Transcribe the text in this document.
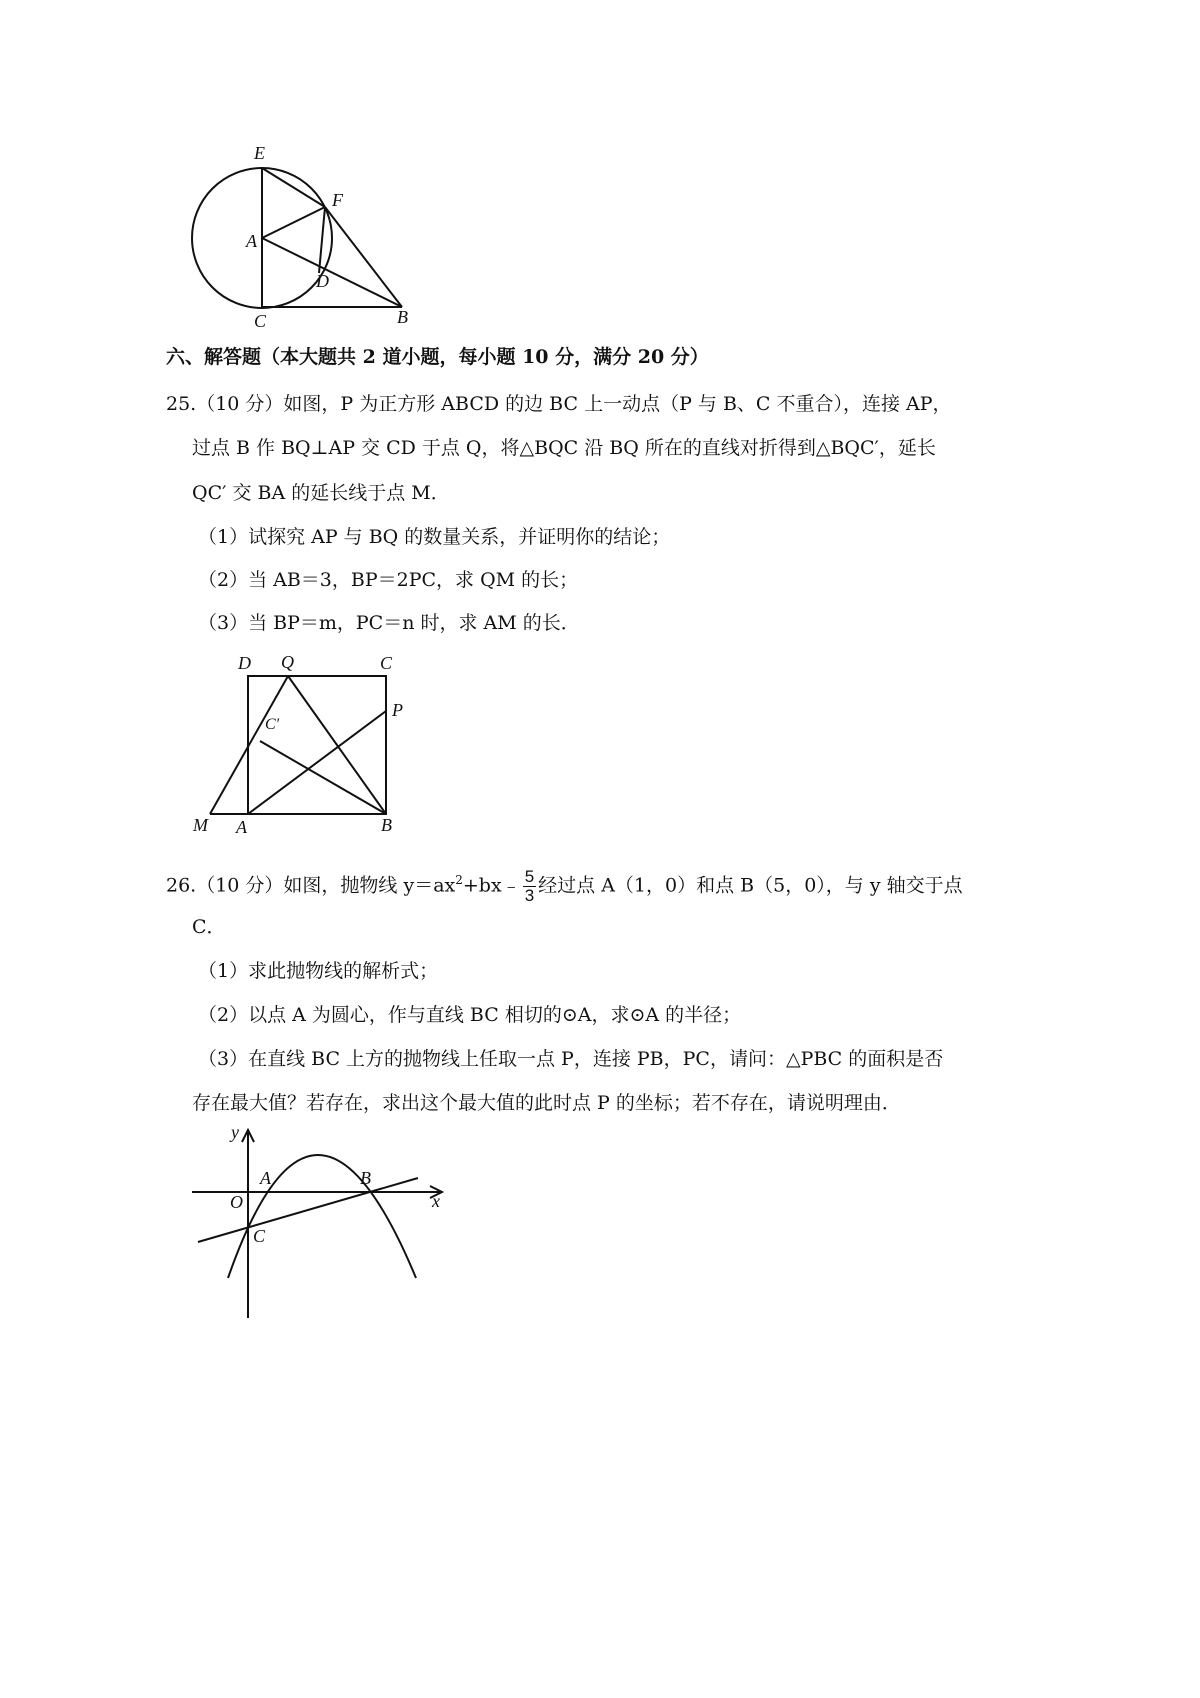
E
F
A
D
C	B
六、解答题（本大题共 2 道小题，每小题 10 分，满分 20 分）
25.（10 分）如图，P 为正方形 ABCD 的边 BC 上一动点（P 与 B、C 不重合），连接 AP，
过点 B 作 BQ⊥AP 交 CD 于点 Q，将△BQC 沿 BQ 所在的直线对折得到△BQC′，延长
QC′ 交 BA 的延长线于点 M．
（1）试探究 AP 与 BQ 的数量关系，并证明你的结论；
（2）当 AB＝3，BP＝2PC，求 QM 的长；
（3）当 BP＝m，PC＝n 时，求 AM 的长．
D Q	C
P
C′
M A	B
26.（10 分）如图，抛物线 $y=ax^2+bx﹣ \frac{5}{3}$ 经过点 A（1，0）和点 B（5，0），与 y 轴交于点
C．
（1）求此抛物线的解析式；
（2）以点 A 为圆心，作与直线 BC 相切的⊙A，求⊙A 的半径；
（3）在直线 BC 上方的抛物线上任取一点 P，连接 PB，PC，请问：△PBC 的面积是否
存在最大值？若存在，求出这个最大值的此时点 P 的坐标；若不存在，请说明理由．
y
x
O
A	B
C
